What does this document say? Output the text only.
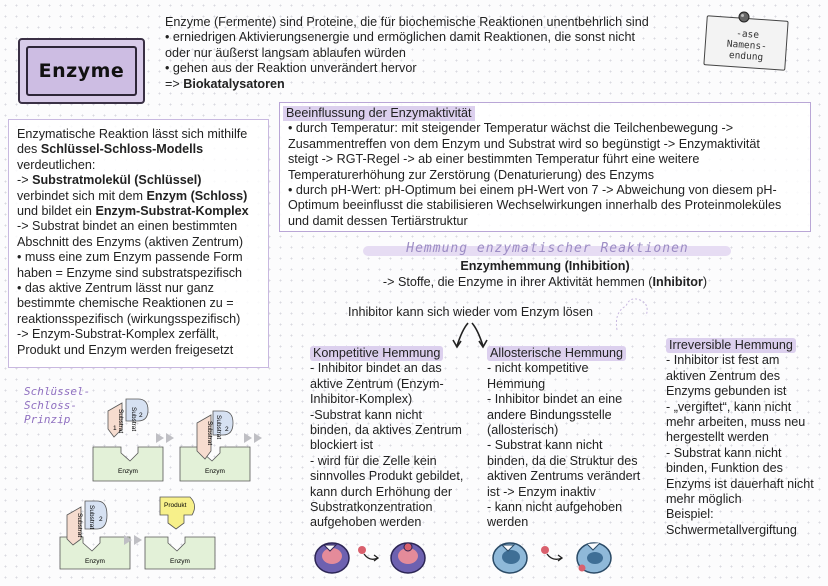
Enzyme
Enzyme (Fermente) sind Proteine, die für biochemische Reaktionen unentbehrlich sind
• erniedrigen Aktivierungsenergie und ermöglichen damit Reaktionen, die sonst nicht
oder nur äußerst langsam ablaufen würden
• gehen aus der Reaktion unverändert hervor
=> Biokatalysatoren
-ase
Namens-
endung
Enzymatische Reaktion lässt sich mithilfe
des Schlüssel-Schloss-Modells
verdeutlichen:
-> Substratmolekül (Schlüssel)
verbindet sich mit dem Enzym (Schloss)
und bildet ein Enzym-Substrat-Komplex
-> Substrat bindet an einen bestimmten
Abschnitt des Enzyms (aktiven Zentrum)
• muss eine zum Enzym passende Form
haben = Enzyme sind substratspezifisch
• das aktive Zentrum lässt nur ganz
bestimmte chemische Reaktionen zu =
reaktionsspezifisch (wirkungsspezifisch)
-> Enzym-Substrat-Komplex zerfällt,
Produkt und Enzym werden freigesetzt
Beeinflussung der Enzymaktivität
• durch Temperatur: mit steigender Temperatur wächst die Teilchenbewegung ->
Zusammentreffen von dem Enzym und Substrat wird so begünstigt -> Enzymaktivität
steigt -> RGT-Regel -> ab einer bestimmten Temperatur führt eine weitere
Temperaturerhöhung zur Zerstörung (Denaturierung) des Enzyms
• durch pH-Wert: pH-Optimum bei einem pH-Wert von 7 -> Abweichung von diesem pH-
Optimum beeinflusst die stabilisieren Wechselwirkungen innerhalb des Proteinmoleküles
und damit dessen Tertiärstruktur
Hemmung enzymatischer Reaktionen
Enzymhemmung (Inhibition)
-> Stoffe, die Enzyme in ihrer Aktivität hemmen (Inhibitor)
Inhibitor kann sich wieder vom Enzym lösen
Kompetitive Hemmung
- Inhibitor bindet an das
aktive Zentrum (Enzym-
Inhibitor-Komplex)
-Substrat kann nicht
binden, da aktives Zentrum
blockiert ist
- wird für die Zelle kein
sinnvolles Produkt gebildet,
kann durch Erhöhung der
Substratkonzentration
aufgehoben werden
Allosterische Hemmung
- nicht kompetitive
Hemmung
- Inhibitor bindet an eine
andere Bindungsstelle
(allosterisch)
- Substrat kann nicht
binden, da die Struktur des
aktiven Zentrums verändert
ist -> Enzym inaktiv
- kann nicht aufgehoben
werden
Irreversible Hemmung
- Inhibitor ist fest am
aktiven Zentrum des
Enzyms gebunden ist
- „vergiftet“, kann nicht
mehr arbeiten, muss neu
hergestellt werden
- Substrat kann nicht
binden, Funktion des
Enzyms ist dauerhaft nicht
mehr möglich
Beispiel:
Schwermetallvergiftung
Schlüssel-
Schloss-
Prinzip	Substrat
1 Substrat 2
Enzym
Substrat Substrat 2
Enzym
Substrat Substrat 2
Enzym
Produkt
Enzym
